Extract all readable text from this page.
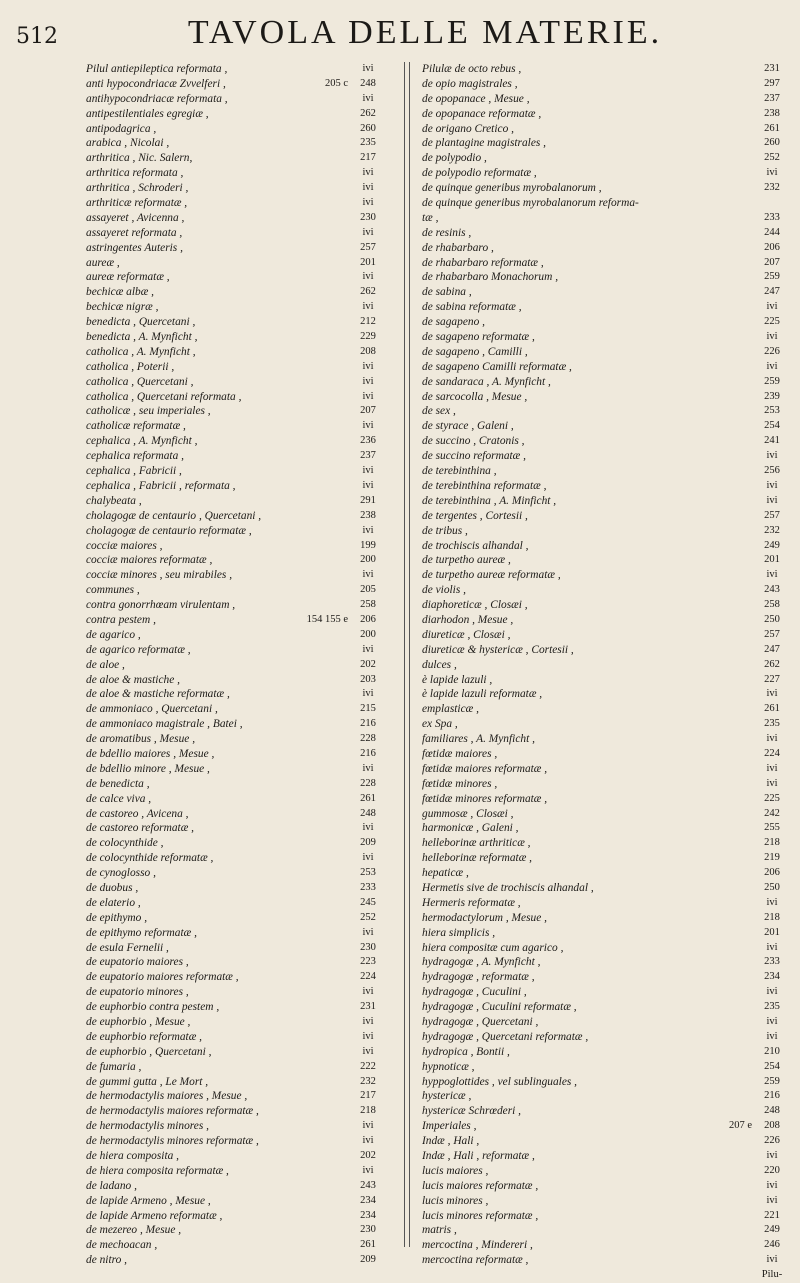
512	TAVOLA DELLE MATERIE.
Pilul antiepileptica reformata ,	ivi
anti hypocondriacæ Zvvelferi ,	205 c	248
antihypocondriacæ reformata ,	ivi
antipestilentiales egregiæ ,	262
antipodagrica ,	260
arabica , Nicolai ,	235
arthritica , Nic. Salern,	217
arthritica reformata ,	ivi
arthritica , Schroderi ,	ivi
arthriticæ reformatæ ,	ivi
assayeret , Avicenna ,	230
assayeret reformata ,	ivi
astringentes Auteris ,	257
aureæ ,	201
aureæ reformatæ ,	ivi
bechicæ albæ ,	262
bechicæ nigræ ,	ivi
benedicta , Quercetani ,	212
benedicta , A. Mynficht ,	229
catholica , A. Mynficht ,	208
catholica , Poterii ,	ivi
catholica , Quercetani ,	ivi
catholica , Quercetani reformata ,	ivi
catholicæ , seu imperiales ,	207
catholicæ reformatæ ,	ivi
cephalica , A. Mynficht ,	236
cephalica reformata ,	237
cephalica , Fabricii ,	ivi
cephalica , Fabricii , reformata ,	ivi
chalybeata ,	291
cholagogæ de centaurio , Quercetani ,	238
cholagogæ de centaurio reformatæ ,	ivi
cocciæ maiores ,	199
cocciæ maiores reformatæ ,	200
cocciæ minores , seu mirabiles ,	ivi
communes ,	205
contra gonorrhœam virulentam ,	258
contra pestem ,	154 155 e	206
de agarico ,	200
de agarico reformatæ ,	ivi
de aloe ,	202
de aloe & mastiche ,	203
de aloe & mastiche reformatæ ,	ivi
de ammoniaco , Quercetani ,	215
de ammoniaco magistrale , Batei ,	216
de aromatibus , Mesue ,	228
de bdellio maiores , Mesue ,	216
de bdellio minore , Mesue ,	ivi
de benedicta ,	228
de calce viva ,	261
de castoreo , Avicena ,	248
de castoreo reformatæ ,	ivi
de colocynthide ,	209
de colocynthide reformatæ ,	ivi
de cynoglosso ,	253
de duobus ,	233
de elaterio ,	245
de epithymo ,	252
de epithymo reformatæ ,	ivi
de esula Fernelii ,	230
de eupatorio maiores ,	223
de eupatorio maiores reformatæ ,	224
de eupatorio minores ,	ivi
de euphorbio contra pestem ,	231
de euphorbio , Mesue ,	ivi
de euphorbio reformatæ ,	ivi
de euphorbio , Quercetani ,	ivi
de fumaria ,	222
de gummi gutta , Le Mort ,	232
de hermodactylis maiores , Mesue ,	217
de hermodactylis maiores reformatæ ,	218
de hermodactylis minores ,	ivi
de hermodactylis minores reformatæ ,	ivi
de hiera composita ,	202
de hiera composita reformatæ ,	ivi
de ladano ,	243
de lapide Armeno , Mesue ,	234
de lapide Armeno reformatæ ,	234
de mezereo , Mesue ,	230
de mechoacan ,	261
de nitro ,	209
Pilulæ de octo rebus ,	231
de opio magistrales ,	297
de opopanace , Mesue ,	237
de opopanace reformatæ ,	238
de origano Cretico ,	261
de plantagine magistrales ,	260
de polypodio ,	252
de polypodio reformatæ ,	ivi
de quinque generibus myrobalanorum ,	232
de quinque generibus myrobalanorum reforma-
tæ ,	233
de resinis ,	244
de rhabarbaro ,	206
de rhabarbaro reformatæ ,	207
de rhabarbaro Monachorum ,	259
de sabina ,	247
de sabina reformatæ ,	ivi
de sagapeno ,	225
de sagapeno reformatæ ,	ivi
de sagapeno , Camilli ,	226
de sagapeno Camilli reformatæ ,	ivi
de sandaraca , A. Mynficht ,	259
de sarcocolla , Mesue ,	239
de sex ,	253
de styrace , Galeni ,	254
de succino , Cratonis ,	241
de succino reformatæ ,	ivi
de terebinthina ,	256
de terebinthina reformatæ ,	ivi
de terebinthina , A. Minficht ,	ivi
de tergentes , Cortesii ,	257
de tribus ,	232
de trochiscis alhandal ,	249
de turpetho aureæ ,	201
de turpetho aureæ reformatæ ,	ivi
de violis ,	243
diaphoreticæ , Closæi ,	258
diarhodon , Mesue ,	250
diureticæ , Closæi ,	257
diureticæ & hystericæ , Cortesii ,	247
dulces ,	262
è lapide lazuli ,	227
è lapide lazuli reformatæ ,	ivi
emplasticæ ,	261
ex Spa ,	235
familiares , A. Mynficht ,	ivi
fœtidæ maiores ,	224
fœtidæ maiores reformatæ ,	ivi
fœtidæ minores ,	ivi
fœtidæ minores reformatæ ,	225
gummosæ , Closæi ,	242
harmonicæ , Galeni ,	255
helleborinæ arthriticæ ,	218
helleborinæ reformatæ ,	219
hepaticæ ,	206
Hermetis sive de trochiscis alhandal ,	250
Hermeris reformatæ ,	ivi
hermodactylorum , Mesue ,	218
hiera simplicis ,	201
hiera compositæ cum agarico ,	ivi
hydragogæ , A. Mynficht ,	233
hydragogæ , reformatæ ,	234
hydragogæ , Cuculini ,	ivi
hydragogæ , Cuculini reformatæ ,	235
hydragogæ , Quercetani ,	ivi
hydragogæ , Quercetani reformatæ ,	ivi
hydropica , Bontii ,	210
hypnoticæ ,	254
hyppoglottides , vel sublinguales ,	259
hystericæ ,	216
hystericæ Schrœderi ,	248
Imperiales ,	207 e	208
Indæ , Hali ,	226
Indæ , Hali , reformatæ ,	ivi
lucis maiores ,	220
lucis maiores reformatæ ,	ivi
lucis minores ,	ivi
lucis minores reformatæ ,	221
matris ,	249
mercoctina , Mindereri ,	246
mercoctina reformatæ ,	ivi
Pilu-
